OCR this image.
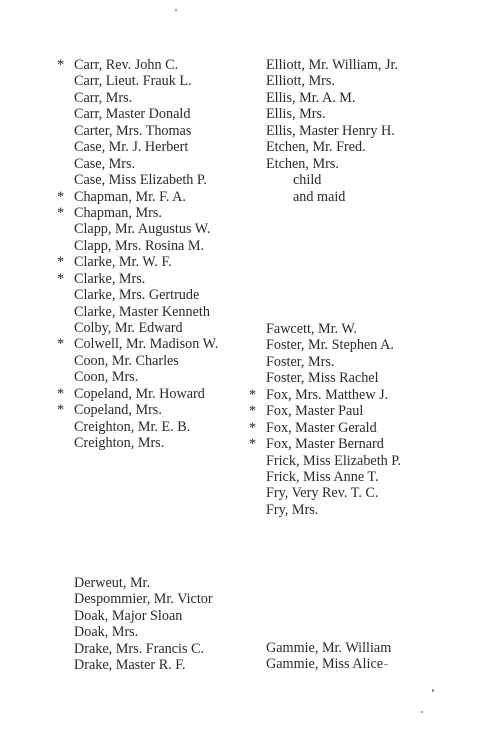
* Carr, Rev. John C.
Carr, Lieut. Frauk L.
Carr, Mrs.
Carr, Master Donald
Carter, Mrs. Thomas
Case, Mr. J. Herbert
Case, Mrs.
Case, Miss Elizabeth P.
* Chapman, Mr. F. A.
* Chapman, Mrs.
Clapp, Mr. Augustus W.
Clapp, Mrs. Rosina M.
* Clarke, Mr. W. F.
* Clarke, Mrs.
Clarke, Mrs. Gertrude
Clarke, Master Kenneth
Colby, Mr. Edward
* Colwell, Mr. Madison W.
Coon, Mr. Charles
Coon, Mrs.
* Copeland, Mr. Howard
* Copeland, Mrs.
Creighton, Mr. E. B.
Creighton, Mrs.
Elliott, Mr. William, Jr.
Elliott, Mrs.
Ellis, Mr. A. M.
Ellis, Mrs.
Ellis, Master Henry H.
Etchen, Mr. Fred.
Etchen, Mrs.
child
and maid
Fawcett, Mr. W.
Foster, Mr. Stephen A.
Foster, Mrs.
Foster, Miss Rachel
* Fox, Mrs. Matthew J.
* Fox, Master Paul
* Fox, Master Gerald
* Fox, Master Bernard
Frick, Miss Elizabeth P.
Frick, Miss Anne T.
Fry, Very Rev. T. C.
Fry, Mrs.
Derweut, Mr.
Despommier, Mr. Victor
Doak, Major Sloan
Doak, Mrs.
Drake, Mrs. Francis C.
Drake, Master R. F.
Gammie, Mr. William
Gammie, Miss Alice
